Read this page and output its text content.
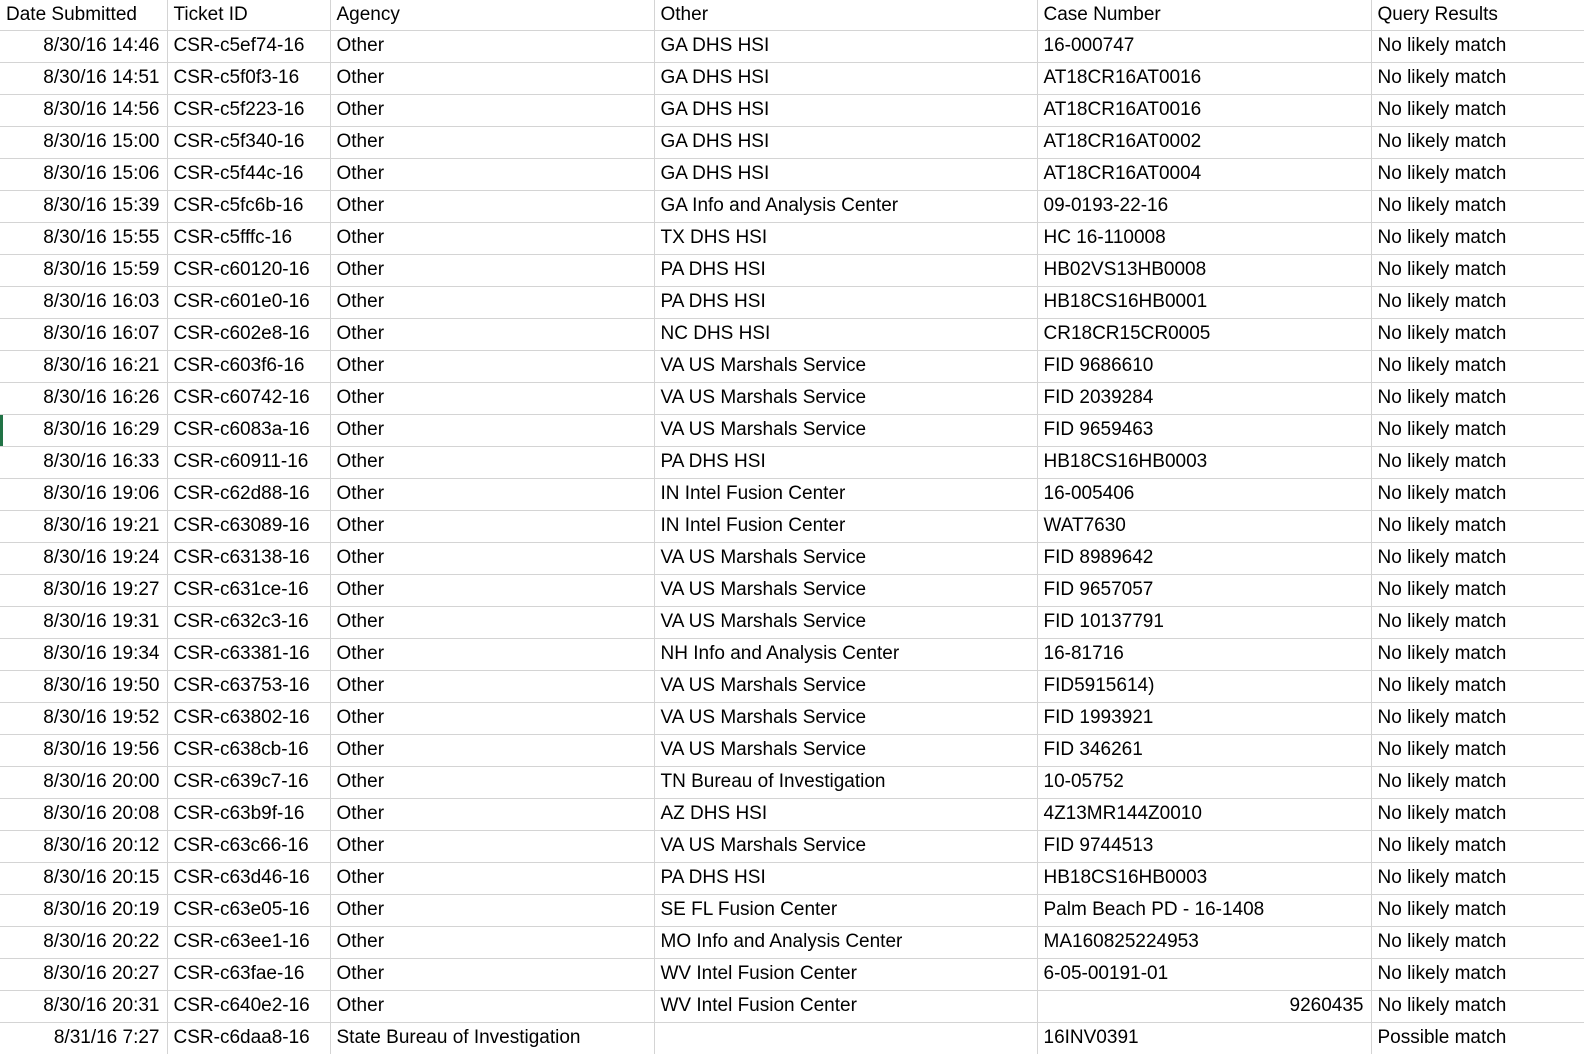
Date Submitted	Ticket ID	Agency	Other	Case Number	Query Results
8/30/16 14:46	CSR-c5ef74-16	Other	GA DHS HSI	16-000747	No likely match
8/30/16 14:51	CSR-c5f0f3-16	Other	GA DHS HSI	AT18CR16AT0016	No likely match
8/30/16 14:56	CSR-c5f223-16	Other	GA DHS HSI	AT18CR16AT0016	No likely match
8/30/16 15:00	CSR-c5f340-16	Other	GA DHS HSI	AT18CR16AT0002	No likely match
8/30/16 15:06	CSR-c5f44c-16	Other	GA DHS HSI	AT18CR16AT0004	No likely match
8/30/16 15:39	CSR-c5fc6b-16	Other	GA Info and Analysis Center	09-0193-22-16	No likely match
8/30/16 15:55	CSR-c5fffc-16	Other	TX DHS HSI	HC 16-110008	No likely match
8/30/16 15:59	CSR-c60120-16	Other	PA DHS HSI	HB02VS13HB0008	No likely match
8/30/16 16:03	CSR-c601e0-16	Other	PA DHS HSI	HB18CS16HB0001	No likely match
8/30/16 16:07	CSR-c602e8-16	Other	NC DHS HSI	CR18CR15CR0005	No likely match
8/30/16 16:21	CSR-c603f6-16	Other	VA US Marshals Service	FID 9686610	No likely match
8/30/16 16:26	CSR-c60742-16	Other	VA US Marshals Service	FID 2039284	No likely match
8/30/16 16:29	CSR-c6083a-16	Other	VA US Marshals Service	FID 9659463	No likely match
8/30/16 16:33	CSR-c60911-16	Other	PA DHS HSI	HB18CS16HB0003	No likely match
8/30/16 19:06	CSR-c62d88-16	Other	IN Intel Fusion Center	16-005406	No likely match
8/30/16 19:21	CSR-c63089-16	Other	IN Intel Fusion Center	WAT7630	No likely match
8/30/16 19:24	CSR-c63138-16	Other	VA US Marshals Service	FID 8989642	No likely match
8/30/16 19:27	CSR-c631ce-16	Other	VA US Marshals Service	FID 9657057	No likely match
8/30/16 19:31	CSR-c632c3-16	Other	VA US Marshals Service	FID 10137791	No likely match
8/30/16 19:34	CSR-c63381-16	Other	NH Info and Analysis Center	16-81716	No likely match
8/30/16 19:50	CSR-c63753-16	Other	VA US Marshals Service	FID5915614)	No likely match
8/30/16 19:52	CSR-c63802-16	Other	VA US Marshals Service	FID 1993921	No likely match
8/30/16 19:56	CSR-c638cb-16	Other	VA US Marshals Service	FID 346261	No likely match
8/30/16 20:00	CSR-c639c7-16	Other	TN Bureau of Investigation	10-05752	No likely match
8/30/16 20:08	CSR-c63b9f-16	Other	AZ DHS HSI	4Z13MR144Z0010	No likely match
8/30/16 20:12	CSR-c63c66-16	Other	VA US Marshals Service	FID 9744513	No likely match
8/30/16 20:15	CSR-c63d46-16	Other	PA DHS HSI	HB18CS16HB0003	No likely match
8/30/16 20:19	CSR-c63e05-16	Other	SE FL Fusion Center	Palm Beach PD - 16-1408	No likely match
8/30/16 20:22	CSR-c63ee1-16	Other	MO Info and Analysis Center	MA160825224953	No likely match
8/30/16 20:27	CSR-c63fae-16	Other	WV Intel Fusion Center	6-05-00191-01	No likely match
8/30/16 20:31	CSR-c640e2-16	Other	WV Intel Fusion Center	9260435	No likely match
8/31/16 7:27	CSR-c6daa8-16	State Bureau of Investigation		16INV0391	Possible match
